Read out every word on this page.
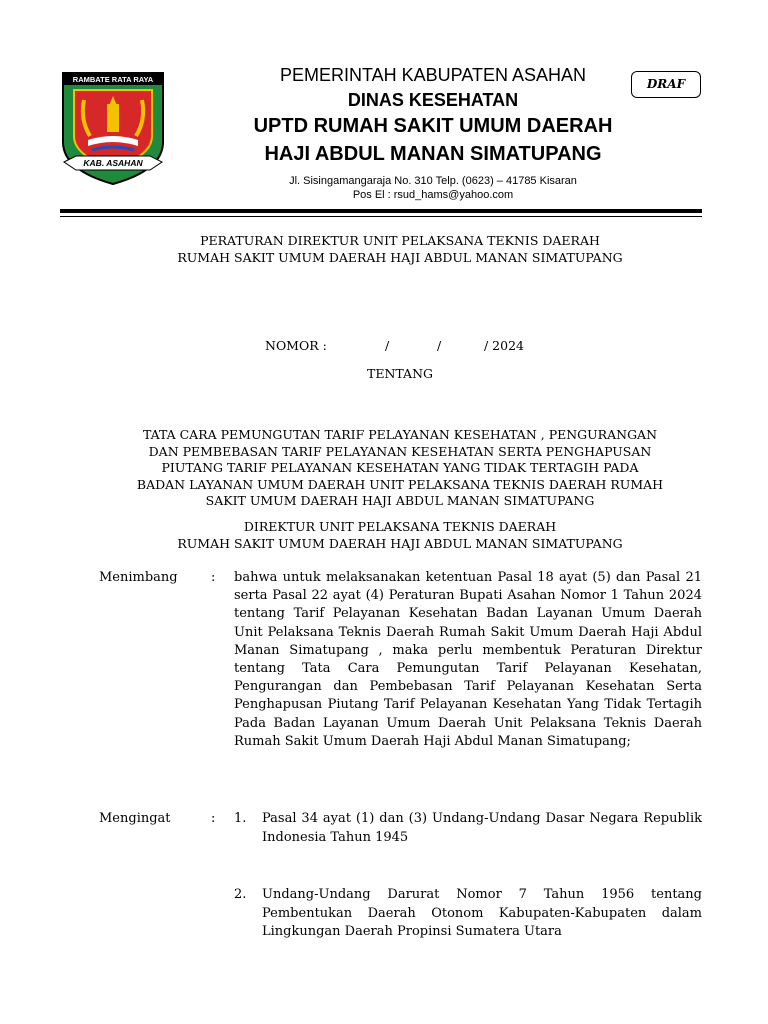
RAMBATE RATA RAYA
KAB. ASAHAN
PEMERINTAH KABUPATEN ASAHAN
DINAS KESEHATAN
UPTD RUMAH SAKIT UMUM DAERAH
HAJI ABDUL MANAN SIMATUPANG
Jl. Sisingamangaraja No. 310 Telp. (0623) – 41785 Kisaran
Pos El : rsud_hams@yahoo.com
DRAF
PERATURAN DIREKTUR UNIT PELAKSANA TEKNIS DAERAH
RUMAH SAKIT UMUM DAERAH HAJI ABDUL MANAN SIMATUPANG
NOMOR :	/	/	/ 2024
TENTANG
TATA CARA PEMUNGUTAN TARIF PELAYANAN KESEHATAN , PENGURANGAN
DAN PEMBEBASAN TARIF PELAYANAN KESEHATAN SERTA PENGHAPUSAN
PIUTANG TARIF PELAYANAN KESEHATAN YANG TIDAK TERTAGIH PADA
BADAN LAYANAN UMUM DAERAH UNIT PELAKSANA TEKNIS DAERAH RUMAH
SAKIT UMUM DAERAH HAJI ABDUL MANAN SIMATUPANG
DIREKTUR UNIT PELAKSANA TEKNIS DAERAH
RUMAH SAKIT UMUM DAERAH HAJI ABDUL MANAN SIMATUPANG
Menimbang	: bahwa untuk melaksanakan ketentuan Pasal 18 ayat (5) dan Pasal 21 serta Pasal 22 ayat (4) Peraturan Bupati Asahan Nomor 1 Tahun 2024 tentang Tarif Pelayanan Kesehatan Badan Layanan Umum Daerah Unit Pelaksana Teknis Daerah Rumah Sakit Umum Daerah Haji Abdul Manan Simatupang , maka perlu membentuk Peraturan Direktur tentang Tata Cara Pemungutan Tarif Pelayanan Kesehatan, Pengurangan dan Pembebasan Tarif Pelayanan Kesehatan Serta Penghapusan Piutang Tarif Pelayanan Kesehatan Yang Tidak Tertagih Pada Badan Layanan Umum Daerah Unit Pelaksana Teknis Daerah Rumah Sakit Umum Daerah Haji Abdul Manan Simatupang;
Mengingat	: 1. Pasal 34 ayat (1) dan (3) Undang-Undang Dasar Negara Republik Indonesia Tahun 1945
2. Undang-Undang Darurat Nomor 7 Tahun 1956 tentang Pembentukan Daerah Otonom Kabupaten-Kabupaten dalam Lingkungan Daerah Propinsi Sumatera Utara
